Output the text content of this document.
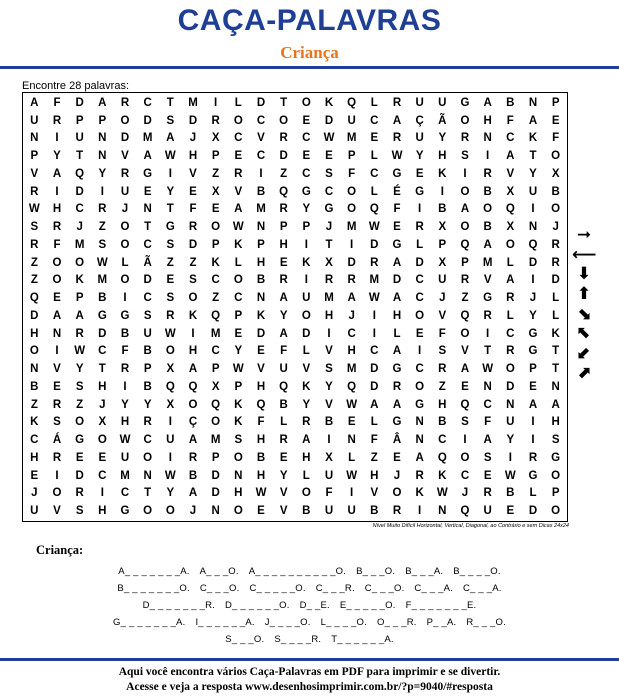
CAÇA-PALAVRAS
Criança
Encontre 28 palavras:
A	F	D	A	R	C	T	M	I	L	D	T	O	K	Q	L	R	U	U	G	A	B	N	P
U	R	P	P	O	D	S	D	R	O	C	O	E	D	U	C	A	Ç	Ã	O	H	F	A	E
N	I	U	N	D	M	A	J	X	C	V	R	C	W	M	E	R	U	Y	R	N	C	K	F
P	Y	T	N	V	A	W	H	P	E	C	D	E	E	P	L	W	Y	H	S	I	A	T	O
V	A	Q	Y	R	G	I	V	Z	R	I	Z	C	S	F	C	G	E	K	I	R	V	Y	X
R	I	D	I	U	E	Y	E	X	V	B	Q	G	C	O	L	É	G	I	O	B	X	U	B
W	H	C	R	J	N	T	F	E	A	M	R	Y	G	O	Q	F	I	B	A	O	Q	I	O
S	R	J	Z	O	T	G	R	O	W	N	P	P	J	M	W	E	R	X	O	B	X	N	J
R	F	M	S	O	C	S	D	P	K	P	H	I	T	I	D	G	L	P	Q	A	O	Q	R
Z	O	O	W	L	Ã	Z	Z	K	L	H	E	K	X	D	R	A	D	X	P	M	L	D	R
Z	O	K	M	O	D	E	S	C	O	B	R	I	R	R	M	D	C	U	R	V	A	I	D
Q	E	P	B	I	C	S	O	Z	C	N	A	U	M	A	W	A	C	J	Z	G	R	J	L
D	A	A	G	G	S	R	K	Q	P	K	Y	O	H	J	I	H	O	V	Q	R	L	Y	L
H	N	R	D	B	U	W	I	M	E	D	A	D	I	C	I	L	E	F	O	I	C	G	K
O	I	W	C	F	B	O	H	C	Y	E	F	L	V	H	C	A	I	S	V	T	R	G	T
N	V	Y	T	R	P	X	A	P	W	V	U	V	S	M	D	G	C	R	A	W	O	P	T
B	E	S	H	I	B	Q	Q	X	P	H	Q	K	Y	Q	D	R	O	Z	E	N	D	E	N
Z	R	Z	J	Y	Y	X	O	Q	K	Q	B	Y	V	W	A	A	G	H	Q	C	N	A	A
K	S	O	X	H	R	I	Ç	O	K	F	L	R	B	E	L	G	N	B	S	F	U	I	H
C	Á	G	O	W	C	U	A	M	S	H	R	A	I	N	F	Â	N	C	I	A	Y	I	S
H	R	E	E	U	O	I	R	P	O	B	E	H	X	L	Z	E	A	Q	O	S	I	R	G
E	I	D	C	M	N	W	B	D	N	H	Y	L	U	W	H	J	R	K	C	E	W	G	O
J	O	R	I	C	T	Y	A	D	H	W	V	O	F	I	V	O	K	W	J	R	B	L	P
U	V	S	H	G	O	O	J	N	O	E	V	B	U	U	B	R	I	N	Q	U	E	D	O
Nível Muito Difícil Horizontal, Vertical, Diagonal, ao Contrário e sem Dicas 24x24
➞
⟵
⬇
⬆
⬊
⬉
⬋
⬈
Criança:
A_ _ _ _ _ _ _A. A_ _ _O. A_ _ _ _ _ _ _ _ _ _O. B_ _ _O. B_ _ _A. B_ _ _ _O.
B_ _ _ _ _ _ _O. C_ _ _O. C_ _ _ _ _O. C_ _ _R. C_ _ _O. C_ _ _A. C_ _ _A.
D_ _ _ _ _ _ _R. D_ _ _ _ _ _O. D_ _E. E_ _ _ _ _O. F_ _ _ _ _ _ _E.
G_ _ _ _ _ _ _A. I_ _ _ _ _ _A. J_ _ _ _O. L_ _ _ _O. O_ _ _R. P_ _A. R_ _ _O.
S_ _ _O. S_ _ _ _R. T_ _ _ _ _ _A.
Aqui você encontra vários Caça-Palavras em PDF para imprimir e se divertir.
Acesse e veja a resposta www.desenhosimprimir.com.br/?p=9040/#resposta
